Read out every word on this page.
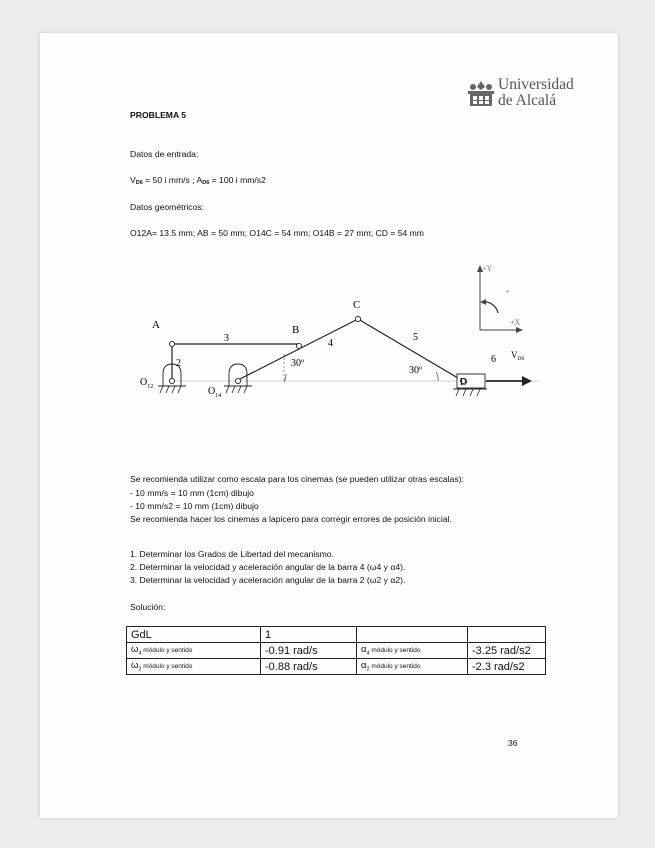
Universidad
de Alcalá
PROBLEMA 5
Datos de entrada:
VD6 = 50 i mm/s ; AD6 = 100 i mm/s2
Datos geométricos:
O12A= 13.5 mm; AB = 50 mm; O14C = 54 mm; O14B = 27 mm; CD = 54 mm
A	B
C
D
$O_{12}$	$O_{14}$
2
3	4
5
6
30º
30º
$V_{D6}$
+Y
+X
+
Se recomienda utilizar como escala para los cinemas (se pueden utilizar otras escalas):
- 10 mm/s = 10 mm (1cm) dibujo
- 10 mm/s2 = 10 mm (1cm) dibujo
Se recomienda hacer los cinemas a lapicero para corregir errores de posición inicial.
1. Determinar los Grados de Libertad del mecanismo.
2. Determinar la velocidad y aceleración angular de la barra 4 (ω4 y α4).
3. Determinar la velocidad y aceleración angular de la barra 2 (ω2 y α2).
Solución:
GdL	1		
$\omega_4$ módulo y sentido	-0.91 rad/s	$\alpha_4$ módulo y sentido	-3.25 rad/s2
$\omega_2$ módulo y sentido	-0.88 rad/s	$\alpha_2$ módulo y sentido	-2.3 rad/s2
36
